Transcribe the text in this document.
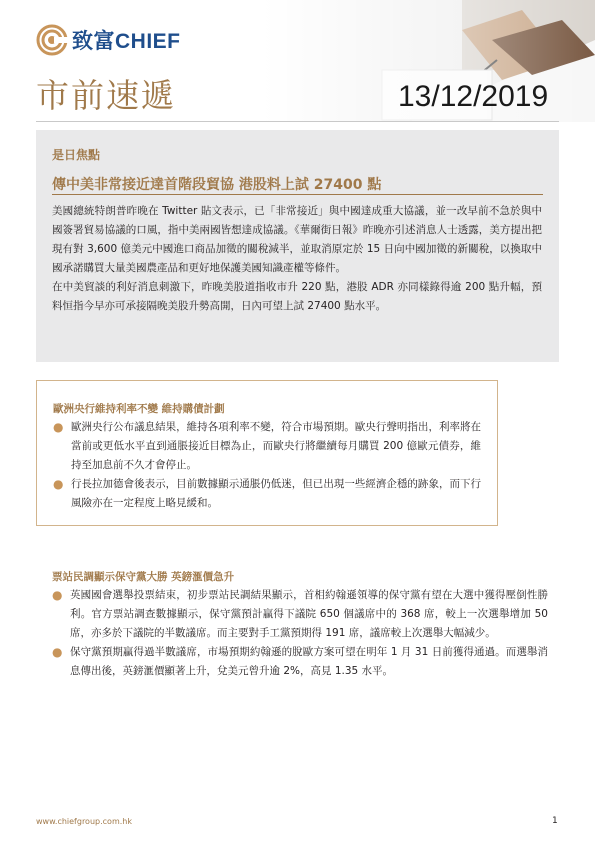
致富CHIEF
市前速遞	13/12/2019
是日焦點
傳中美非常接近達首階段貿協 港股料上試 27400 點

美國總統特朗普昨晚在 Twitter 貼文表示，已「非常接近」與中國達成重大協議，並一改早前不急於與中國簽署貿易協議的口風，指中美兩國皆想達成協議。《華爾街日報》昨晚亦引述消息人士透露，美方提出把現有對 3,600 億美元中國進口商品加徵的關稅減半，並取消原定於 15 日向中國加徵的新關稅，以換取中國承諾購買大量美國農產品和更好地保護美國知識產權等條件。

在中美貿談的利好消息刺激下，昨晚美股道指收市升 220 點，港股 ADR 亦同樣錄得逾 200 點升幅，預料恒指今早亦可承接隔晚美股升勢高開，日內可望上試 27400 點水平。

歐洲央行維持利率不變 維持購債計劃
● 歐洲央行公布議息結果，維持各項利率不變，符合市場預期。歐央行聲明指出，利率將在當前或更低水平直到通脹接近目標為止，而歐央行將繼續每月購買 200 億歐元債券，維持至加息前不久才會停止。
● 行長拉加德會後表示，目前數據顯示通脹仍低迷，但已出現一些經濟企穩的跡象，而下行風險亦在一定程度上略見緩和。
票站民調顯示保守黨大勝 英鎊滙價急升
● 英國國會選舉投票結束，初步票站民調結果顯示，首相約翰遜領導的保守黨有望在大選中獲得壓倒性勝利。官方票站調查數據顯示，保守黨預計贏得下議院 650 個議席中的 368 席，較上一次選舉增加 50 席，亦多於下議院的半數議席。而主要對手工黨預期得 191 席，議席較上次選舉大幅減少。
● 保守黨預期贏得過半數議席，市場預期約翰遜的脫歐方案可望在明年 1 月 31 日前獲得通過。而選舉消息傳出後，英鎊滙價顯著上升，兌美元曾升逾 2%，高見 1.35 水平。
www.chiefgroup.com.hk	1
